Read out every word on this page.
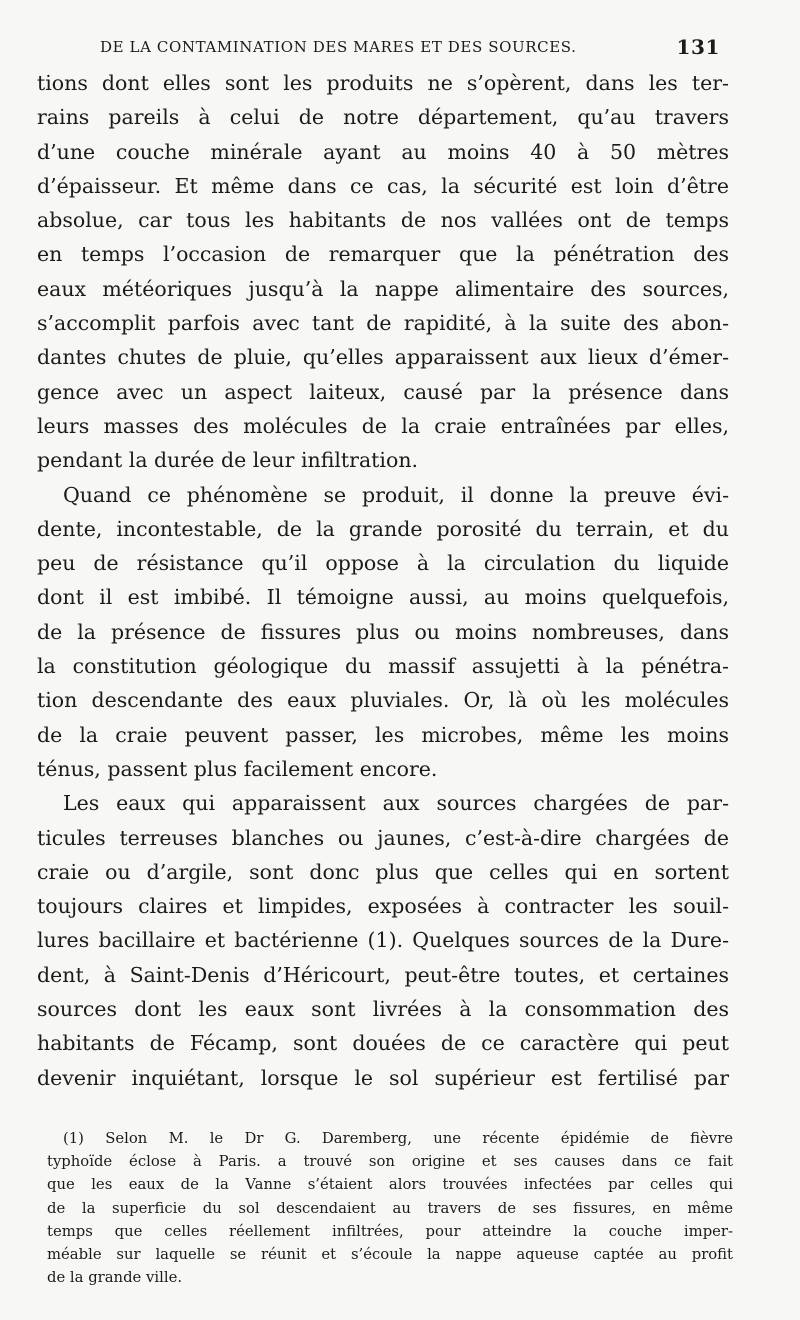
DE LA CONTAMINATION DES MARES ET DES SOURCES.	131
tions dont elles sont les produits ne s’opèrent, dans les ter-
rains pareils à celui de notre département, qu’au travers
d’une couche minérale ayant au moins 40 à 50 mètres
d’épaisseur. Et même dans ce cas, la sécurité est loin d’être
absolue, car tous les habitants de nos vallées ont de temps
en temps l’occasion de remarquer que la pénétration des
eaux météoriques jusqu’à la nappe alimentaire des sources,
s’accomplit parfois avec tant de rapidité, à la suite des abon-
dantes chutes de pluie, qu’elles apparaissent aux lieux d’émer-
gence avec un aspect laiteux, causé par la présence dans
leurs masses des molécules de la craie entraînées par elles,
pendant la durée de leur infiltration.
Quand ce phénomène se produit, il donne la preuve évi-
dente, incontestable, de la grande porosité du terrain, et du
peu de résistance qu’il oppose à la circulation du liquide
dont il est imbibé. Il témoigne aussi, au moins quelquefois,
de la présence de fissures plus ou moins nombreuses, dans
la constitution géologique du massif assujetti à la pénétra-
tion descendante des eaux pluviales. Or, là où les molécules
de la craie peuvent passer, les microbes, même les moins
ténus, passent plus facilement encore.
Les eaux qui apparaissent aux sources chargées de par-
ticules terreuses blanches ou jaunes, c’est-à-dire chargées de
craie ou d’argile, sont donc plus que celles qui en sortent
toujours claires et limpides, exposées à contracter les souil-
lures bacillaire et bactérienne (1). Quelques sources de la Dure-
dent, à Saint-Denis d’Héricourt, peut-être toutes, et certaines
sources dont les eaux sont livrées à la consommation des
habitants de Fécamp, sont douées de ce caractère qui peut
devenir inquiétant, lorsque le sol supérieur est fertilisé par
(1) Selon M. le Dr G. Daremberg, une récente épidémie de fièvre
typhoïde éclose à Paris. a trouvé son origine et ses causes dans ce fait
que les eaux de la Vanne s’étaient alors trouvées infectées par celles qui
de la superficie du sol descendaient au travers de ses fissures, en même
temps que celles réellement infiltrées, pour atteindre la couche imper-
méable sur laquelle se réunit et s’écoule la nappe aqueuse captée au profit
de la grande ville.
